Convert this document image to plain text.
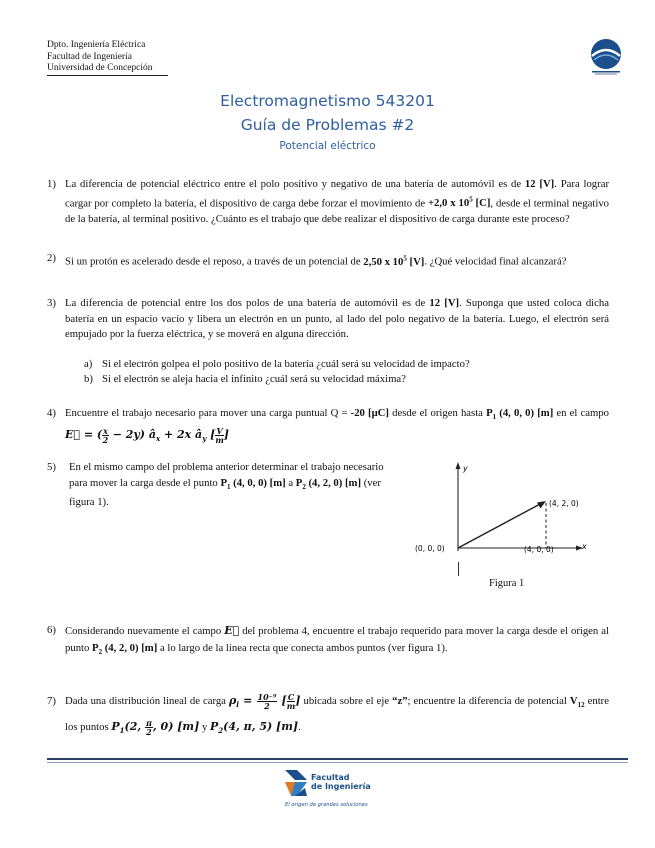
Dpto. Ingeniería Eléctrica
Facultad de Ingeniería
Universidad de Concepción
Electromagnetismo 543201
Guía de Problemas #2
Potencial eléctrico
1) La diferencia de potencial eléctrico entre el polo positivo y negativo de una batería de automóvil es de 12 [V]. Para lograr cargar por completo la batería, el dispositivo de carga debe forzar el movimiento de +2,0 x $10^5$ [C], desde el terminal negativo de la batería, al terminal positivo. ¿Cuánto es el trabajo que debe realizar el dispositivo de carga durante este proceso?
2) Si un protón es acelerado desde el reposo, a través de un potencial de 2,50 x $10^5$ [V]. ¿Qué velocidad final alcanzará?
3) La diferencia de potencial entre los dos polos de una batería de automóvil es de 12 [V]. Suponga que usted coloca dicha batería en un espacio vacío y libera un electrón en un punto, al lado del polo negativo de la batería. Luego, el electrón será empujado por la fuerza eléctrica, y se moverá en alguna dirección.
a) Si el electrón golpea el polo positivo de la batería ¿cuál será su velocidad de impacto?
b) Si el electrón se aleja hacia el infinito ¿cuál será su velocidad máxima?
4) Encuentre el trabajo necesario para mover una carga puntual Q = -20 [μC] desde el origen hasta $P_1$ (4, 0, 0) [m] en el campo E⃗ = ( $\frac{x}{2} - 2y$) $â_x + 2x$ $â_y$ [ $\frac{V}{m}$ ]
5) En el mismo campo del problema anterior determinar el trabajo necesario para mover la carga desde el punto $P_1$ (4, 0, 0) [m] a $P_2$ (4, 2, 0) [m] (ver figura 1).
y
x
(0, 0, 0)	(4, 0, 0)
(4, 2, 0)
Figura 1
6) Considerando nuevamente el campo E⃗ del problema 4, encuentre el trabajo requerido para mover la carga desde el origen al punto $P_2$ (4, 2, 0) [m] a lo largo de la línea recta que conecta ambos puntos (ver figura 1).
7) Dada una distribución lineal de carga $\rho_l = \frac{\text{10⁻⁹}}{2}$ [ $\frac{C}{m}$ ] ubicada sobre el eje “z”; encuentre la diferencia de potencial $V_{12}$ entre los puntos $P_1(2$, $\frac{\pi}{2}$ , 0) [m] y $P_2(4$, π, 5) [m].
Facultad
de Ingeniería
El origen de grandes soluciones
